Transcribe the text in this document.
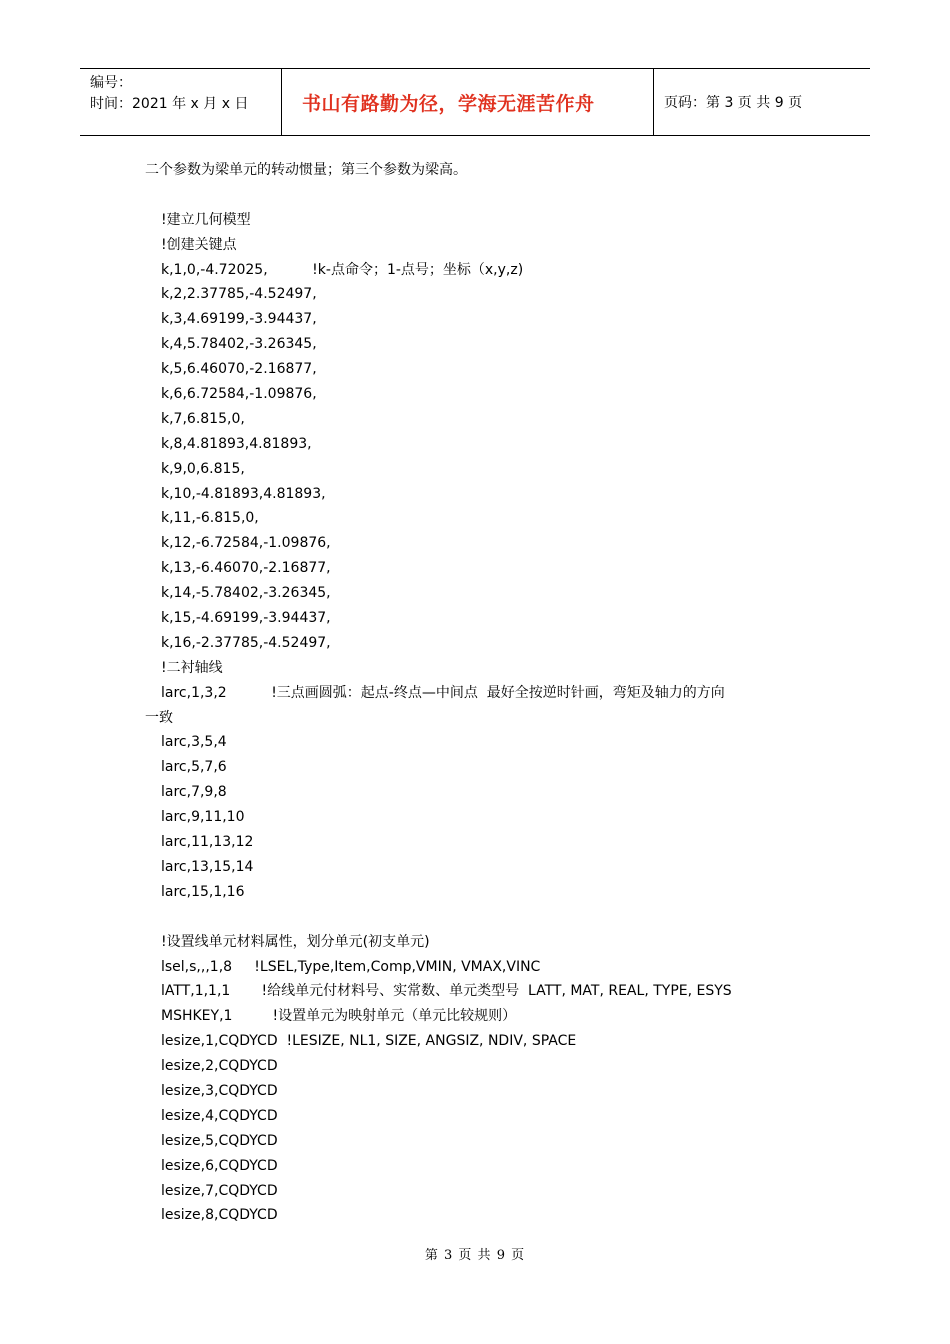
编号：
时间：2021 年 x 月 x 日	书山有路勤为径，学海无涯苦作舟	页码：第 3 页 共 9 页
二个参数为梁单元的转动惯量；第三个参数为梁高。
!建立几何模型
!创建关键点
k,1,0,-4.72025,          !k-点命令；1-点号；坐标（x,y,z)
k,2,2.37785,-4.52497,
k,3,4.69199,-3.94437,
k,4,5.78402,-3.26345,
k,5,6.46070,-2.16877,
k,6,6.72584,-1.09876,
k,7,6.815,0,
k,8,4.81893,4.81893,
k,9,0,6.815,
k,10,-4.81893,4.81893,
k,11,-6.815,0,
k,12,-6.72584,-1.09876,
k,13,-6.46070,-2.16877,
k,14,-5.78402,-3.26345,
k,15,-4.69199,-3.94437,
k,16,-2.37785,-4.52497,
!二衬轴线
larc,1,3,2          !三点画圆弧：起点-终点—中间点  最好全按逆时针画，弯矩及轴力的方向
一致
larc,3,5,4
larc,5,7,6
larc,7,9,8
larc,9,11,10
larc,11,13,12
larc,13,15,14
larc,15,1,16
!设置线单元材料属性，划分单元(初支单元)
lsel,s,,,1,8     !LSEL,Type,Item,Comp,VMIN, VMAX,VINC
lATT,1,1,1       !给线单元付材料号、实常数、单元类型号  LATT, MAT, REAL, TYPE, ESYS
MSHKEY,1         !设置单元为映射单元（单元比较规则）
lesize,1,CQDYCD  !LESIZE, NL1, SIZE, ANGSIZ, NDIV, SPACE
lesize,2,CQDYCD
lesize,3,CQDYCD
lesize,4,CQDYCD
lesize,5,CQDYCD
lesize,6,CQDYCD
lesize,7,CQDYCD
lesize,8,CQDYCD
第 3 页 共 9 页
